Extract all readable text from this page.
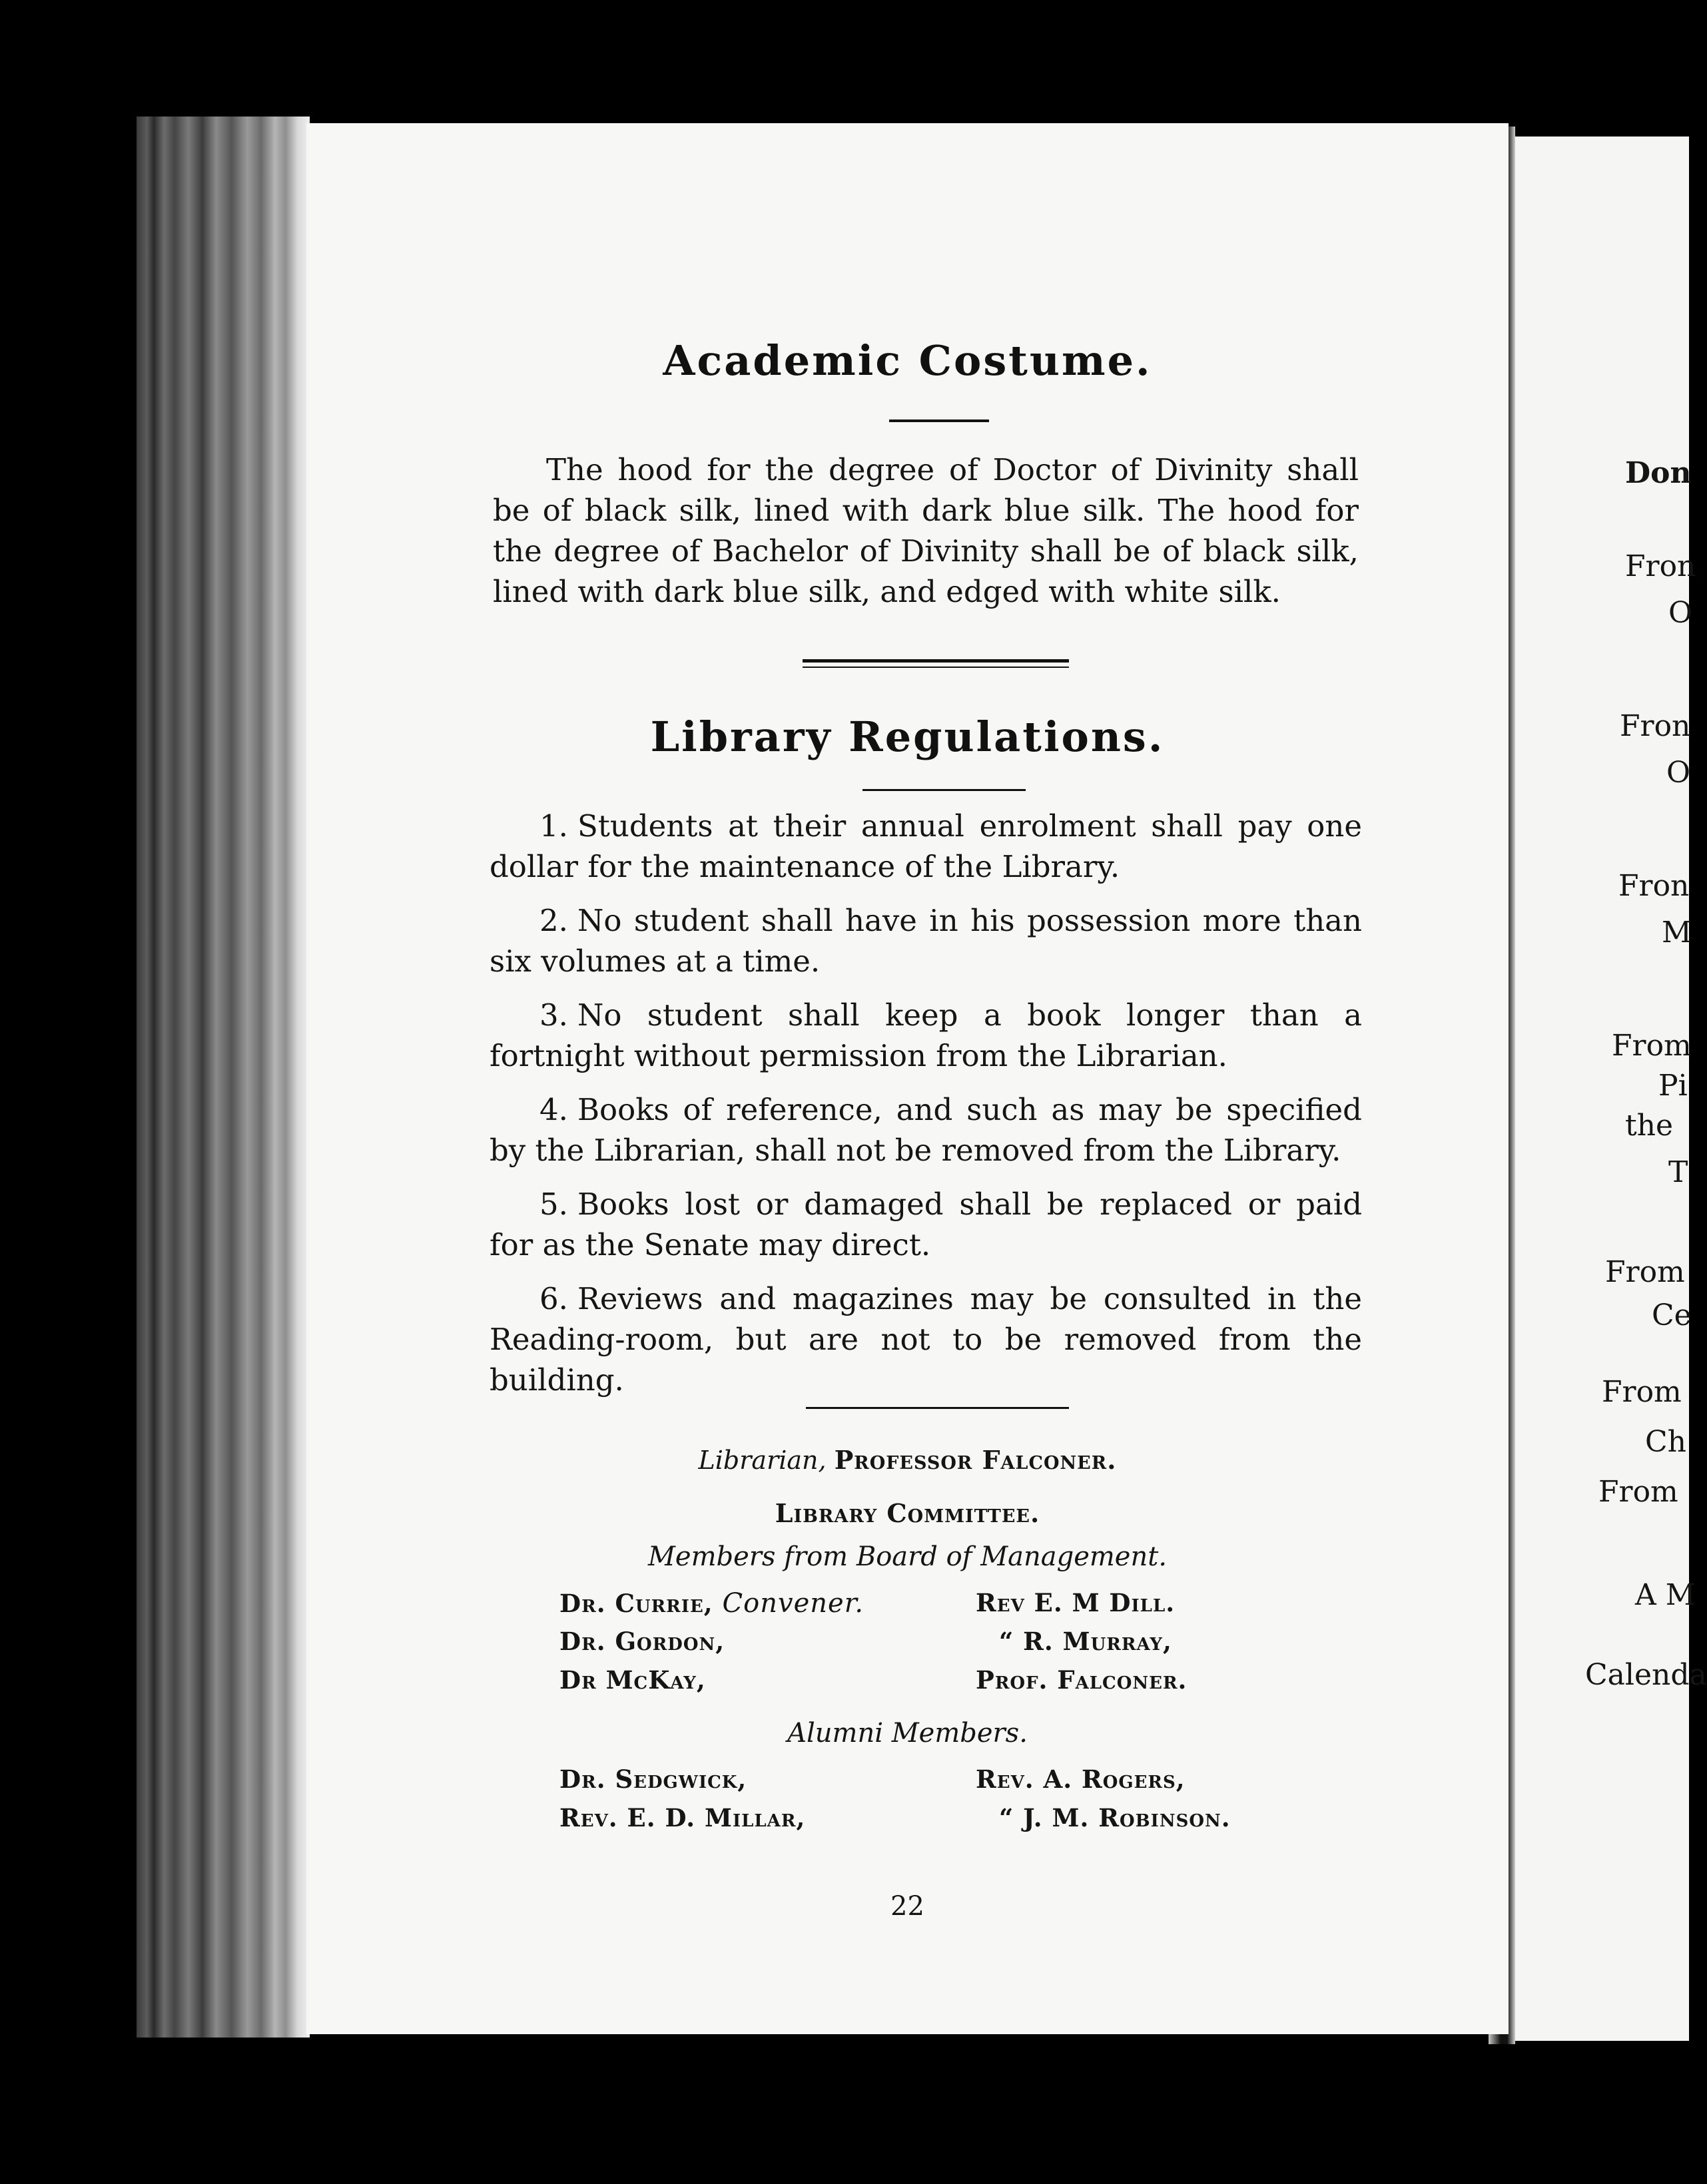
Don
Fron
O
Fron
O
Fron
M
From
Pi
the
T
From
Ce
From
Ch
From
A M
Calenda
Academic Costume.
The hood for the degree of Doctor of Divinity shall be of black silk, lined with dark blue silk. The hood for the degree of Bachelor of Divinity shall be of black silk, lined with dark blue silk, and edged with white silk.
Library Regulations.
1. Students at their annual enrolment shall pay one dollar for the maintenance of the Library.
2. No student shall have in his possession more than six volumes at a time.
3. No student shall keep a book longer than a fortnight without permission from the Librarian.
4. Books of reference, and such as may be specified by the Librarian, shall not be removed from the Library.
5. Books lost or damaged shall be replaced or paid for as the Senate may direct.
6. Reviews and magazines may be consulted in the Reading-room, but are not to be removed from the building.
Librarian, Professor Falconer.
Library Committee.
Members from Board of Management.
Dr. Currie, Convener.
Dr. Gordon,
Dr McKay,
Rev E. M Dill.
“ R. Murray,
Prof. Falconer.
Alumni Members.
Dr. Sedgwick,
Rev. E. D. Millar,
Rev. A. Rogers,
“ J. M. Robinson.
22
